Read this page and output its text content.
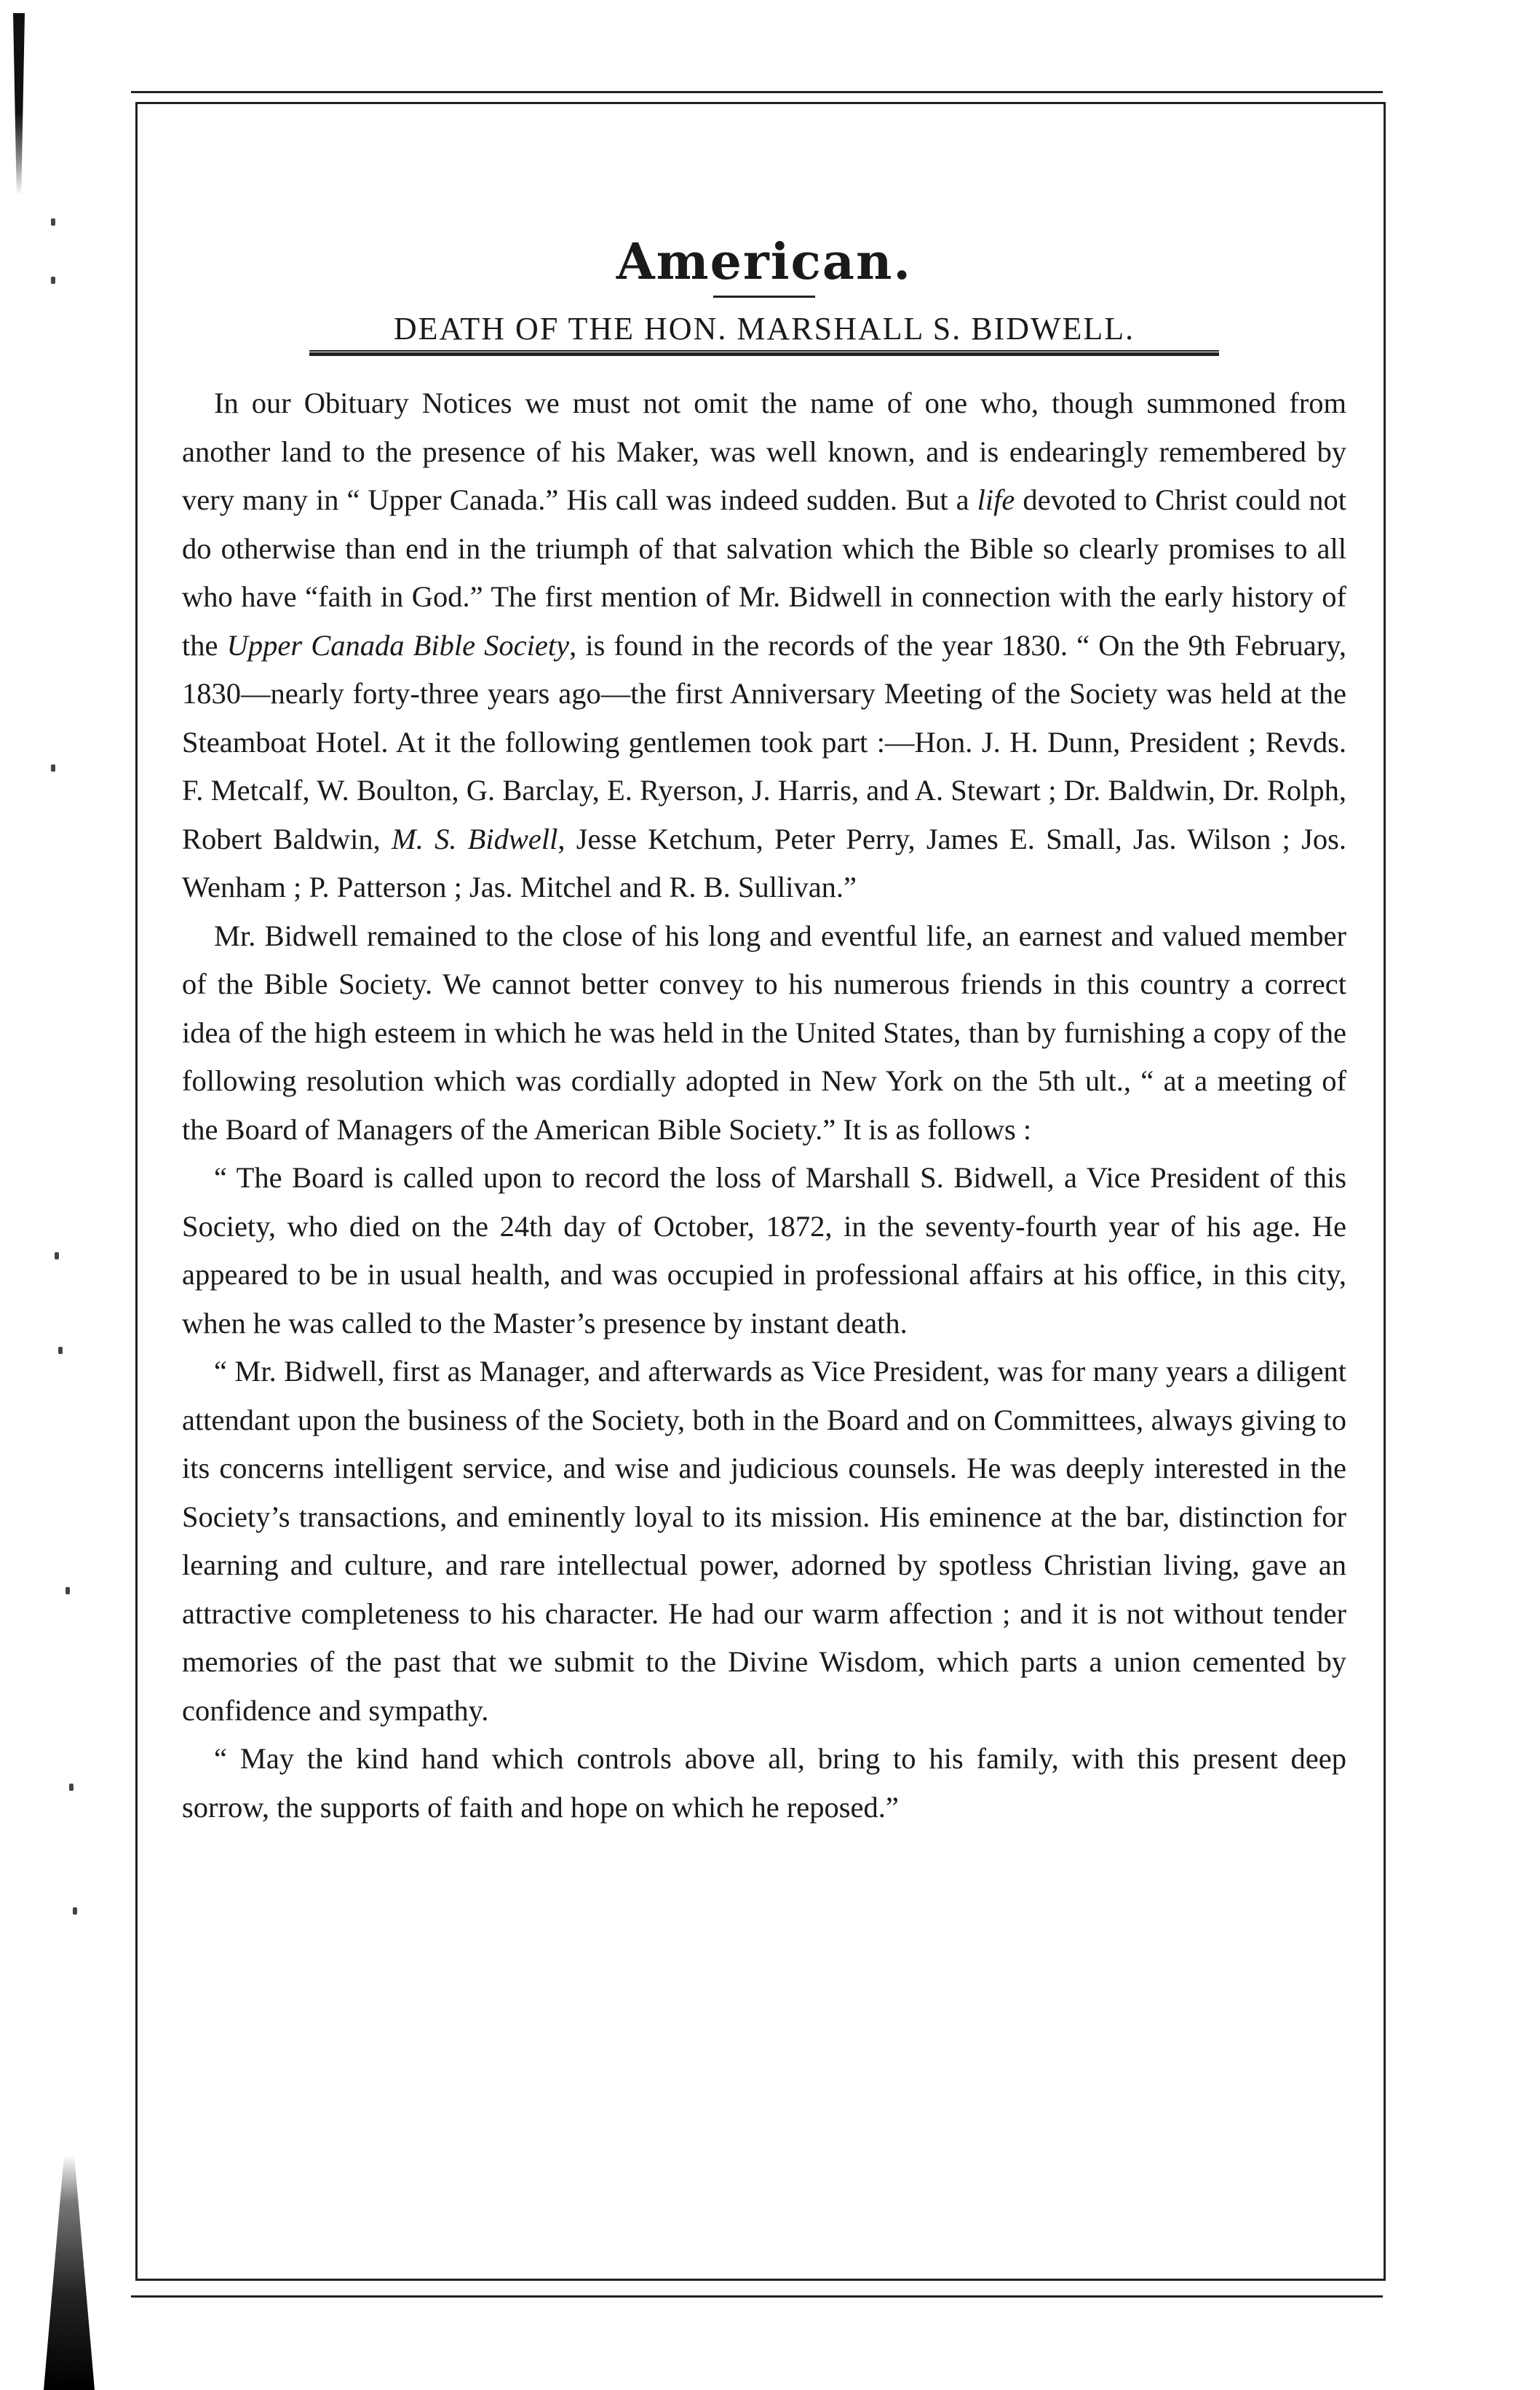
American.
DEATH OF THE HON. MARSHALL S. BIDWELL.

In our Obituary Notices we must not omit the name of one who, though summoned from another land to the presence of his Maker, was well known, and is endearingly remembered by very many in “ Upper Canada.” His call was indeed sudden. But a life devoted to Christ could not do otherwise than end in the triumph of that salvation which the Bible so clearly promises to all who have “faith in God.” The first mention of Mr. Bidwell in connection with the early history of the Upper Canada Bible Society, is found in the records of the year 1830. “ On the 9th February, 1830—nearly forty-three years ago—the first Anniversary Meeting of the Society was held at the Steamboat Hotel. At it the following gentlemen took part :—Hon. J. H. Dunn, President ; Revds. F. Metcalf, W. Boulton, G. Barclay, E. Ryerson, J. Harris, and A. Stewart ; Dr. Baldwin, Dr. Rolph, Robert Baldwin, M. S. Bidwell, Jesse Ketchum, Peter Perry, James E. Small, Jas. Wilson ; Jos. Wenham ; P. Patterson ; Jas. Mitchel and R. B. Sullivan.”

Mr. Bidwell remained to the close of his long and eventful life, an earnest and valued member of the Bible Society. We cannot better convey to his numerous friends in this country a correct idea of the high esteem in which he was held in the United States, than by furnishing a copy of the following resolution which was cordially adopted in New York on the 5th ult., “ at a meeting of the Board of Managers of the American Bible Society.” It is as follows :

“ The Board is called upon to record the loss of Marshall S. Bidwell, a Vice President of this Society, who died on the 24th day of October, 1872, in the seventy-fourth year of his age. He appeared to be in usual health, and was occupied in professional affairs at his office, in this city, when he was called to the Master’s presence by instant death.

“ Mr. Bidwell, first as Manager, and afterwards as Vice President, was for many years a diligent attendant upon the business of the Society, both in the Board and on Committees, always giving to its concerns intelligent service, and wise and judicious counsels. He was deeply interested in the Society’s transactions, and eminently loyal to its mission. His eminence at the bar, distinction for learning and culture, and rare intellectual power, adorned by spotless Christian living, gave an attractive completeness to his character. He had our warm affection ; and it is not without tender memories of the past that we submit to the Divine Wisdom, which parts a union cemented by confidence and sympathy.

“ May the kind hand which controls above all, bring to his family, with this present deep sorrow, the supports of faith and hope on which he reposed.”
